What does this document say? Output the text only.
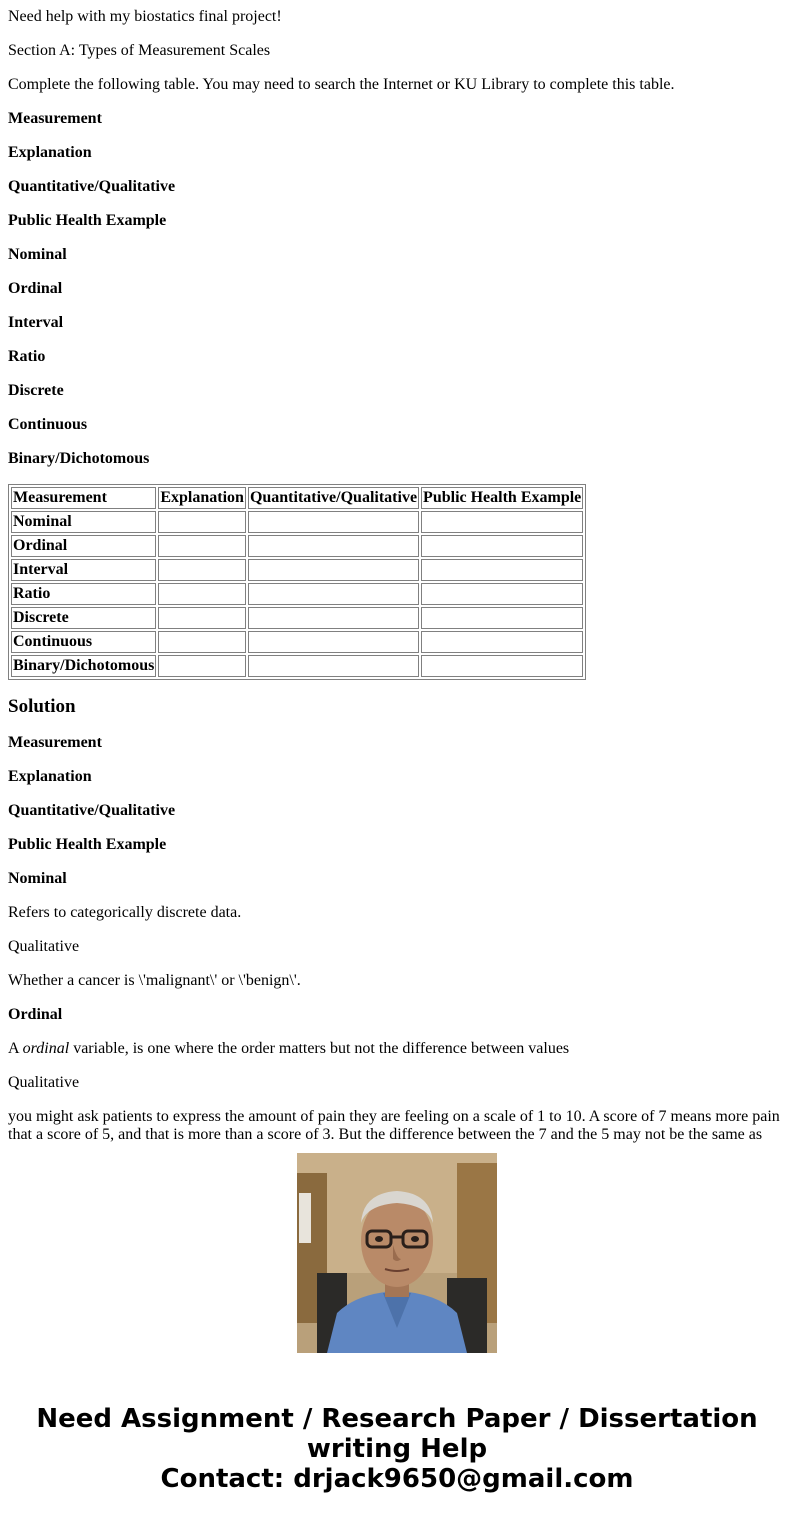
Need help with my biostatics final project!

Section A: Types of Measurement Scales

Complete the following table. You may need to search the Internet or KU Library to complete this table.

Measurement

Explanation

Quantitative/Qualitative

Public Health Example

Nominal

Ordinal

Interval

Ratio

Discrete

Continuous

Binary/Dichotomous

Measurement	Explanation	Quantitative/Qualitative	Public Health Example
Nominal			
Ordinal			
Interval			
Ratio			
Discrete			
Continuous			
Binary/Dichotomous			
Solution

Measurement

Explanation

Quantitative/Qualitative

Public Health Example

Nominal

Refers to categorically discrete data.

Qualitative

Whether a cancer is \'malignant\' or \'benign\'.

Ordinal

A ordinal variable, is one where the order matters but not the difference between values

Qualitative

you might ask patients to express the amount of pain they are feeling on a scale of 1 to 10. A score of 7 means more pain that a score of 5, and that is more than a score of 3. But the difference between the 7 and the 5 may not be the same as

Need Assignment / Research Paper / Dissertation
writing Help
Contact: drjack9650@gmail.com
